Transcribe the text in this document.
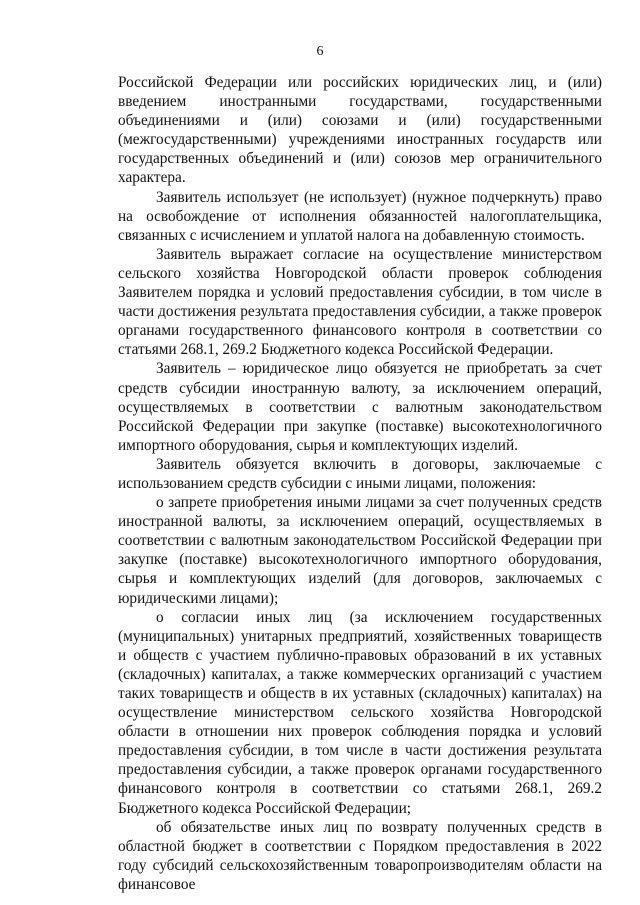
6

Российской Федерации или российских юридических лиц, и (или) введением иностранными государствами, государственными объединениями и (или) союзами и (или) государственными (межгосударственными) учреждениями иностранных государств или государственных объединений и (или) союзов мер ограничительного характера.

Заявитель использует (не использует) (нужное подчеркнуть) право на освобождение от исполнения обязанностей налогоплательщика, связанных с исчислением и уплатой налога на добавленную стоимость.

Заявитель выражает согласие на осуществление министерством сельского хозяйства Новгородской области проверок соблюдения Заявителем порядка и условий предоставления субсидии, в том числе в части достижения результата предоставления субсидии, а также проверок органами государственного финансового контроля в соответствии со статьями 268.1, 269.2 Бюджетного кодекса Российской Федерации.

Заявитель – юридическое лицо обязуется не приобретать за счет средств субсидии иностранную валюту, за исключением операций, осуществляемых в соответствии с валютным законодательством Российской Федерации при закупке (поставке) высокотехнологичного импортного оборудования, сырья и комплектующих изделий.

Заявитель обязуется включить в договоры, заключаемые с использованием средств субсидии с иными лицами, положения:

о запрете приобретения иными лицами за счет полученных средств иностранной валюты, за исключением операций, осуществляемых в соответствии с валютным законодательством Российской Федерации при закупке (поставке) высокотехнологичного импортного оборудования, сырья и комплектующих изделий (для договоров, заключаемых с юридическими лицами);

о согласии иных лиц (за исключением государственных (муниципальных) унитарных предприятий, хозяйственных товариществ и обществ с участием публично-правовых образований в их уставных (складочных) капиталах, а также коммерческих организаций с участием таких товариществ и обществ в их уставных (складочных) капиталах) на осуществление министерством сельского хозяйства Новгородской области в отношении них проверок соблюдения порядка и условий предоставления субсидии, в том числе в части достижения результата предоставления субсидии, а также проверок органами государственного финансового контроля в соответствии со статьями 268.1, 269.2 Бюджетного кодекса Российской Федерации;

об обязательстве иных лиц по возврату полученных средств в областной бюджет в соответствии с Порядком предоставления в 2022 году субсидий сельскохозяйственным товаропроизводителям области на финансовое
